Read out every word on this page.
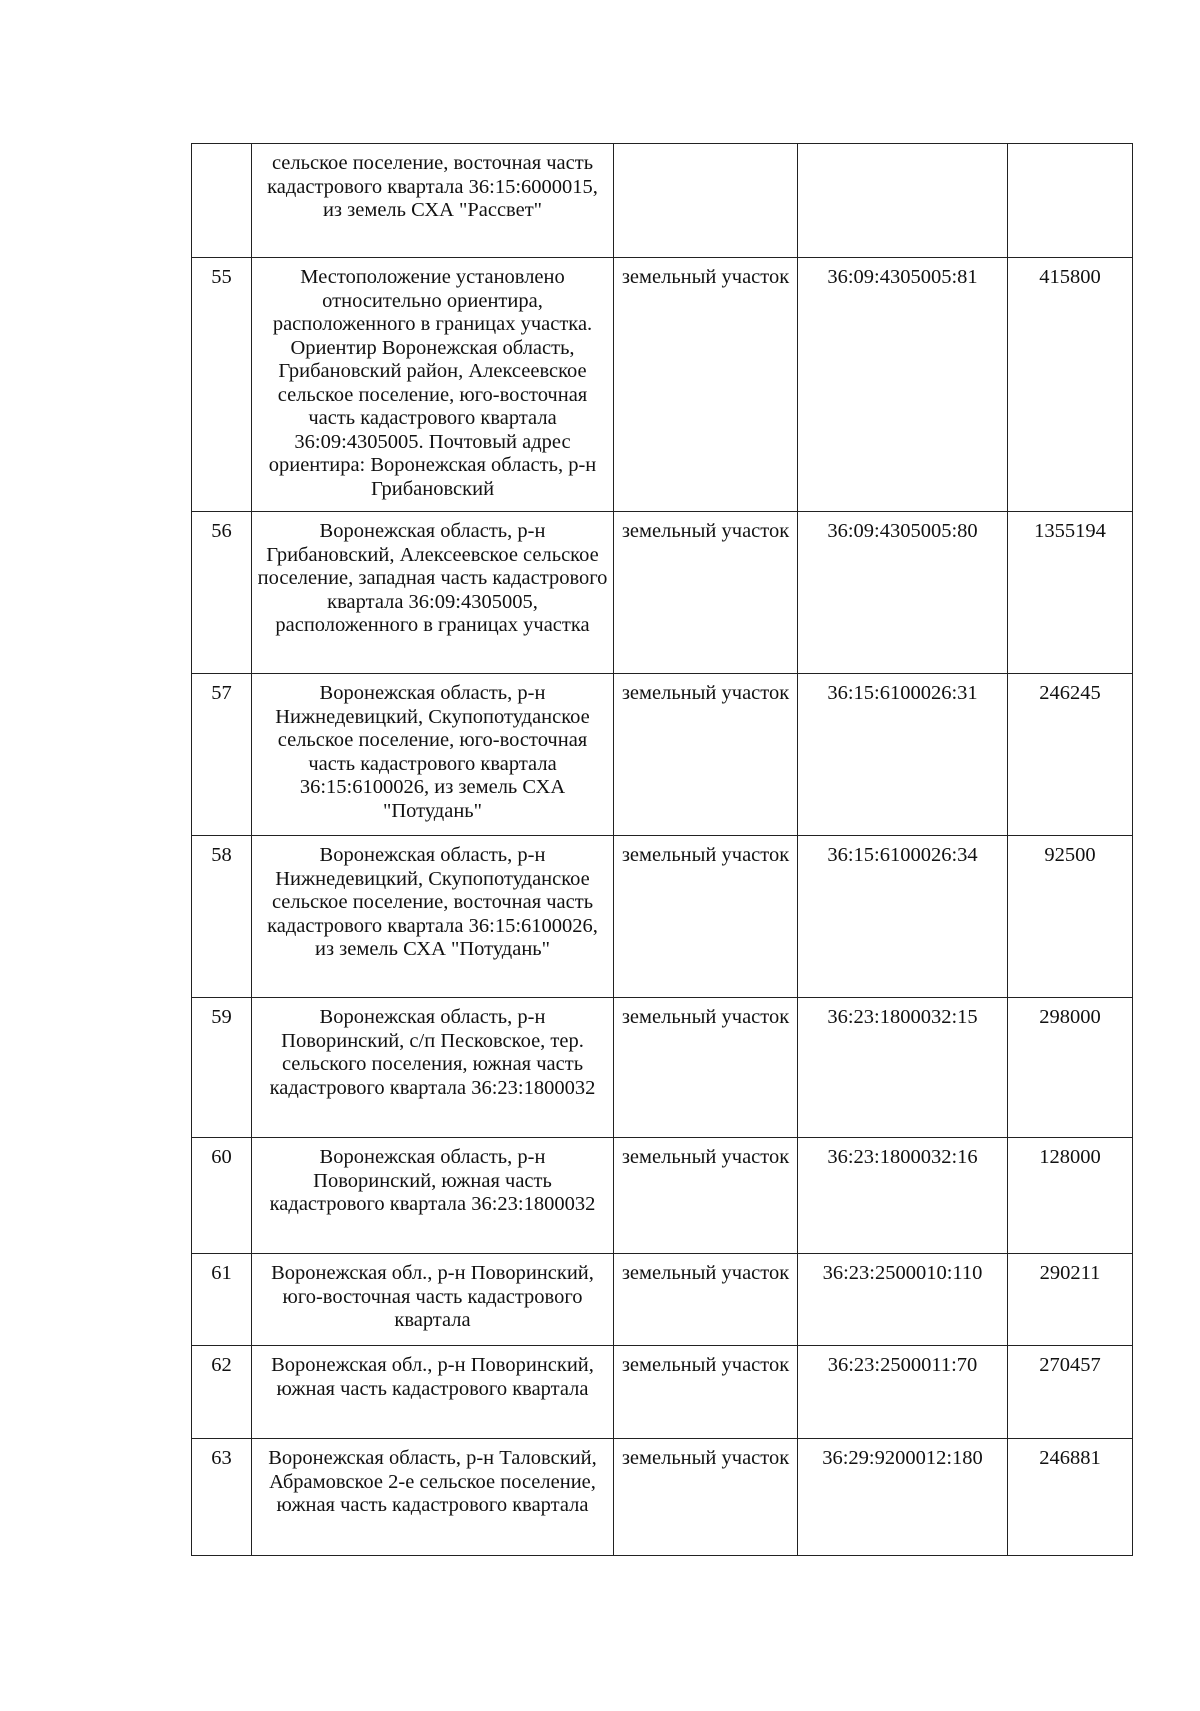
	сельское поселение, восточная часть кадастрового квартала 36:15:6000015, из земель СХА "Рассвет"			
55	Местоположение установлено относительно ориентира, расположенного в границах участка. Ориентир Воронежская область, Грибановский район, Алексеевское сельское поселение, юго-восточная часть кадастрового квартала 36:09:4305005. Почтовый адрес ориентира: Воронежская область, р-н Грибановский	земельный участок	36:09:4305005:81	415800
56	Воронежская область, р-н Грибановский, Алексеевское сельское поселение, западная часть кадастрового квартала 36:09:4305005, расположенного в границах участка	земельный участок	36:09:4305005:80	1355194
57	Воронежская область, р-н Нижнедевицкий, Скупопотуданское сельское поселение, юго-восточная часть кадастрового квартала 36:15:6100026, из земель СХА "Потудань"	земельный участок	36:15:6100026:31	246245
58	Воронежская область, р-н Нижнедевицкий, Скупопотуданское сельское поселение, восточная часть кадастрового квартала 36:15:6100026, из земель СХА "Потудань"	земельный участок	36:15:6100026:34	92500
59	Воронежская область, р-н Поворинский, с/п Песковское, тер. сельского поселения, южная часть кадастрового квартала 36:23:1800032	земельный участок	36:23:1800032:15	298000
60	Воронежская область, р-н Поворинский, южная часть кадастрового квартала 36:23:1800032	земельный участок	36:23:1800032:16	128000
61	Воронежская обл., р-н Поворинский, юго-восточная часть кадастрового квартала	земельный участок	36:23:2500010:110	290211
62	Воронежская обл., р-н Поворинский, южная часть кадастрового квартала	земельный участок	36:23:2500011:70	270457
63	Воронежская область, р-н Таловский, Абрамовское 2-е сельское поселение, южная часть кадастрового квартала	земельный участок	36:29:9200012:180	246881
